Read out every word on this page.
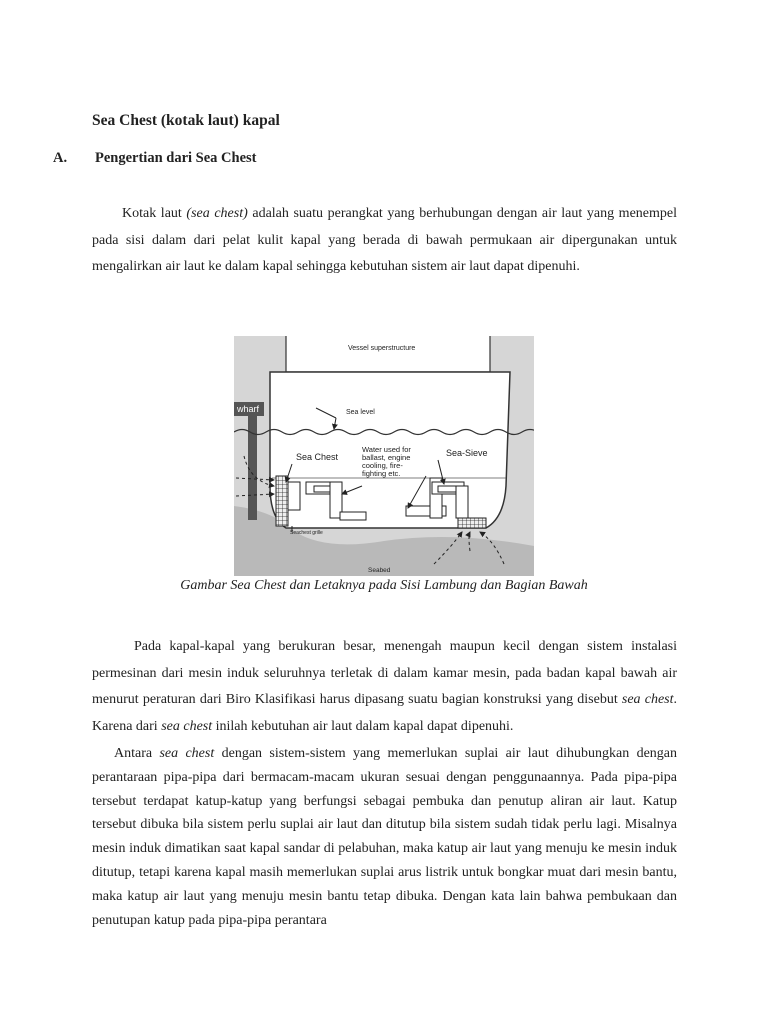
Sea Chest (kotak laut) kapal
A. Pengertian dari Sea Chest

Kotak laut (sea chest) adalah suatu perangkat yang berhubungan dengan air laut yang menempel pada sisi dalam dari pelat kulit kapal yang berada di bawah permukaan air dipergunakan untuk mengalirkan air laut ke dalam kapal sehingga kebutuhan sistem air laut dapat dipenuhi.

Vessel superstructure
wharf	Sea level
Sea Chest
Water used for
ballast, engine
cooling, fire-
fighting etc.
Sea-Sieve
Seachest grille
Seabed
Gambar Sea Chest dan Letaknya pada Sisi Lambung dan Bagian Bawah

Pada kapal-kapal yang berukuran besar, menengah maupun kecil dengan sistem instalasi permesinan dari mesin induk seluruhnya terletak di dalam kamar mesin, pada badan kapal bawah air menurut peraturan dari Biro Klasifikasi harus dipasang suatu bagian konstruksi yang disebut sea chest. Karena dari sea chest inilah kebutuhan air laut dalam kapal dapat dipenuhi.

Antara sea chest dengan sistem-sistem yang memerlukan suplai air laut dihubungkan dengan perantaraan pipa-pipa dari bermacam-macam ukuran sesuai dengan penggunaannya. Pada pipa-pipa tersebut terdapat katup-katup yang berfungsi sebagai pembuka dan penutup aliran air laut. Katup tersebut dibuka bila sistem perlu suplai air laut dan ditutup bila sistem sudah tidak perlu lagi. Misalnya mesin induk dimatikan saat kapal sandar di pelabuhan, maka katup air laut yang menuju ke mesin induk ditutup, tetapi karena kapal masih memerlukan suplai arus listrik untuk bongkar muat dari mesin bantu, maka katup air laut yang menuju mesin bantu tetap dibuka. Dengan kata lain bahwa pembukaan dan penutupan katup pada pipa-pipa perantara
